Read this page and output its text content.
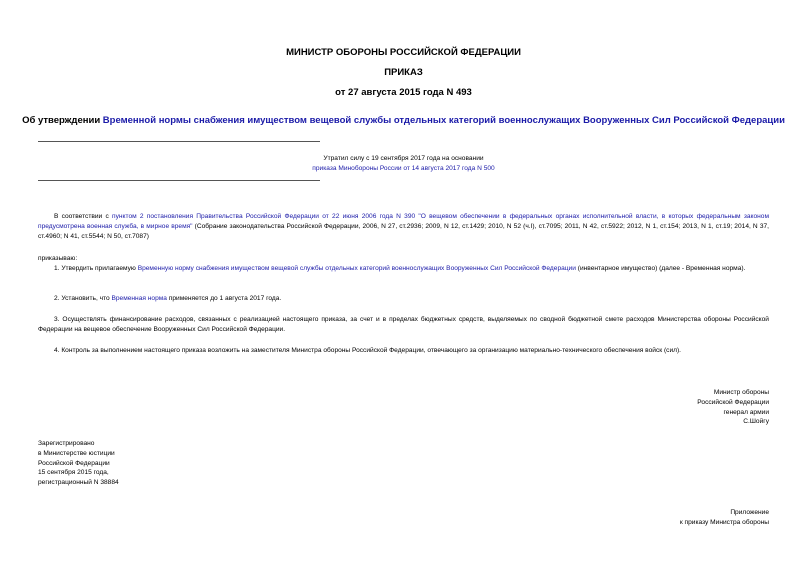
МИНИСТР ОБОРОНЫ РОССИЙСКОЙ ФЕДЕРАЦИИ
ПРИКАЗ
от 27 августа 2015 года N 493
Об утверждении Временной нормы снабжения имуществом вещевой службы отдельных категорий военнослужащих Вооруженных Сил Российской Федерации
Утратил силу с 19 сентября 2017 года на основании
приказа Минобороны России от 14 августа 2017 года N 500
В соответствии с пунктом 2 постановления Правительства Российской Федерации от 22 июня 2006 года N 390 "О вещевом обеспечении в федеральных органах исполнительной власти, в которых федеральным законом предусмотрена военная служба, в мирное время" (Собрание законодательства Российской Федерации, 2006, N 27, ст.2936; 2009, N 12, ст.1429; 2010, N 52 (ч.I), ст.7095; 2011, N 42, ст.5922; 2012, N 1, ст.154; 2013, N 1, ст.19; 2014, N 37, ст.4960; N 41, ст.5544; N 50, ст.7087)
приказываю:
1. Утвердить прилагаемую Временную норму снабжения имуществом вещевой службы отдельных категорий военнослужащих Вооруженных Сил Российской Федерации (инвентарное имущество) (далее - Временная норма).
2. Установить, что Временная норма применяется до 1 августа 2017 года.
3. Осуществлять финансирование расходов, связанных с реализацией настоящего приказа, за счет и в пределах бюджетных средств, выделяемых по сводной бюджетной смете расходов Министерства обороны Российской Федерации на вещевое обеспечение Вооруженных Сил Российской Федерации.
4. Контроль за выполнением настоящего приказа возложить на заместителя Министра обороны Российской Федерации, отвечающего за организацию материально-технического обеспечения войск (сил).
Министр обороны
Российской Федерации
генерал армии
С.Шойгу
Зарегистрировано
в Министерстве юстиции
Российской Федерации
15 сентября 2015 года,
регистрационный N 38884
Приложение
к приказу Министра обороны
